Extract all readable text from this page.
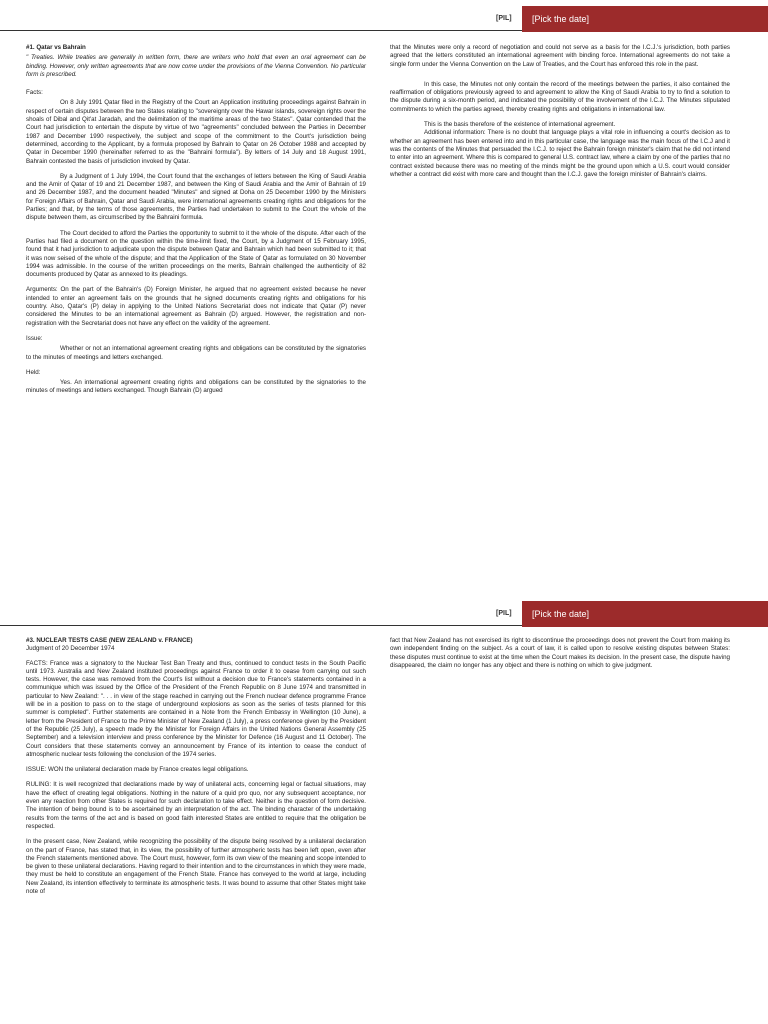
[PIL]	[Pick the date]

#1. Qatar vs Bahrain

" Treaties. While treaties are generally in written form, there are writers who hold that even an oral agreement can be binding. However, only written agreements that are now come under the provisions of the Vienna Convention. No particular form is prescribed.

Facts:

On 8 July 1991 Qatar filed in the Registry of the Court an Application instituting proceedings against Bahrain in respect of certain disputes between the two States relating to "sovereignty over the Hawar islands, sovereign rights over the shoals of Dibal and Qit'at Jaradah, and the delimitation of the maritime areas of the two States". Qatar contended that the Court had jurisdiction to entertain the dispute by virtue of two "agreements" concluded between the Parties in December 1987 and December 1990 respectively, the subject and scope of the commitment to the Court's jurisdiction being determined, according to the Applicant, by a formula proposed by Bahrain to Qatar on 26 October 1988 and accepted by Qatar in December 1990 (hereinafter referred to as the "Bahraini formula"). By letters of 14 July and 18 August 1991, Bahrain contested the basis of jurisdiction invoked by Qatar.

By a Judgment of 1 July 1994, the Court found that the exchanges of letters between the King of Saudi Arabia and the Amir of Qatar of 19 and 21 December 1987, and between the King of Saudi Arabia and the Amir of Bahrain of 19 and 26 December 1987, and the document headed "Minutes" and signed at Doha on 25 December 1990 by the Ministers for Foreign Affairs of Bahrain, Qatar and Saudi Arabia, were international agreements creating rights and obligations for the Parties; and that, by the terms of those agreements, the Parties had undertaken to submit to the Court the whole of the dispute between them, as circumscribed by the Bahraini formula.

The Court decided to afford the Parties the opportunity to submit to it the whole of the dispute. After each of the Parties had filed a document on the question within the time-limit fixed, the Court, by a Judgment of 15 February 1995, found that it had jurisdiction to adjudicate upon the dispute between Qatar and Bahrain which had been submitted to it; that it was now seised of the whole of the dispute; and that the Application of the State of Qatar as formulated on 30 November 1994 was admissible. In the course of the written proceedings on the merits, Bahrain challenged the authenticity of 82 documents produced by Qatar as annexed to its pleadings.

Arguments: On the part of the Bahrain's (D) Foreign Minister, he argued that no agreement existed because he never intended to enter an agreement fails on the grounds that he signed documents creating rights and obligations for his country. Also, Qatar's (P) delay in applying to the United Nations Secretariat does not indicate that Qatar (P) never considered the Minutes to be an international agreement as Bahrain (D) argued. However, the registration and non-registration with the Secretariat does not have any effect on the validity of the agreement.

Issue:

Whether or not an international agreement creating rights and obligations can be constituted by the signatories to the minutes of meetings and letters exchanged.

Held:

Yes. An international agreement creating rights and obligations can be constituted by the signatories to the minutes of meetings and letters exchanged. Though Bahrain (D) argued

that the Minutes were only a record of negotiation and could not serve as a basis for the I.C.J.'s jurisdiction, both parties agreed that the letters constituted an international agreement with binding force. International agreements do not take a single form under the Vienna Convention on the Law of Treaties, and the Court has enforced this role in the past.

In this case, the Minutes not only contain the record of the meetings between the parties, it also contained the reaffirmation of obligations previously agreed to and agreement to allow the King of Saudi Arabia to try to find a solution to the dispute during a six-month period, and indicated the possibility of the involvement of the I.C.J. The Minutes stipulated commitments to which the parties agreed, thereby creating rights and obligations in international law.

This is the basis therefore of the existence of international agreement.

Additional information: There is no doubt that language plays a vital role in influencing a court's decision as to whether an agreement has been entered into and in this particular case, the language was the main focus of the I.C.J and it was the contents of the Minutes that persuaded the I.C.J. to reject the Bahrain foreign minister's claim that he did not intend to enter into an agreement. Where this is compared to general U.S. contract law, where a claim by one of the parties that no contract existed because there was no meeting of the minds might be the ground upon which a U.S. court would consider whether a contract did exist with more care and thought than the I.C.J. gave the foreign minister of Bahrain's claims.

[PIL]	[Pick the date]

#3. NUCLEAR TESTS CASE (NEW ZEALAND v. FRANCE)

Judgment of 20 December 1974

FACTS: France was a signatory to the Nuclear Test Ban Treaty and thus, continued to conduct tests in the South Pacific until 1973. Australia and New Zealand instituted proceedings against France to order it to cease from carrying out such tests. However, the case was removed from the Court's list without a decision due to France's statements contained in a communique which was issued by the Office of the President of the French Republic on 8 June 1974 and transmitted in particular to New Zealand: ". . . in view of the stage reached in carrying out the French nuclear defence programme France will be in a position to pass on to the stage of underground explosions as soon as the series of tests planned for this summer is completed". Further statements are contained in a Note from the French Embassy in Wellington (10 June), a letter from the President of France to the Prime Minister of New Zealand (1 July), a press conference given by the President of the Republic (25 July), a speech made by the Minister for Foreign Affairs in the United Nations General Assembly (25 September) and a television interview and press conference by the Minister for Defence (16 August and 11 October). The Court considers that these statements convey an announcement by France of its intention to cease the conduct of atmospheric nuclear tests following the conclusion of the 1974 series.

ISSUE: WON the unilateral declaration made by France creates legal obligations.

RULING: It is well recognized that declarations made by way of unilateral acts, concerning legal or factual situations, may have the effect of creating legal obligations. Nothing in the nature of a quid pro quo, nor any subsequent acceptance, nor even any reaction from other States is required for such declaration to take effect. Neither is the question of form decisive. The intention of being bound is to be ascertained by an interpretation of the act. The binding character of the undertaking results from the terms of the act and is based on good faith interested States are entitled to require that the obligation be respected.

In the present case, New Zealand, while recognizing the possibility of the dispute being resolved by a unilateral declaration on the part of France, has stated that, in its view, the possibility of further atmospheric tests has been left open, even after the French statements mentioned above. The Court must, however, form its own view of the meaning and scope intended to be given to these unilateral declarations. Having regard to their intention and to the circumstances in which they were made, they must be held to constitute an engagement of the French State. France has conveyed to the world at large, including New Zealand, its intention effectively to terminate its atmospheric tests. It was bound to assume that other States might take note of

fact that New Zealand has not exercised its right to discontinue the proceedings does not prevent the Court from making its own independent finding on the subject. As a court of law, it is called upon to resolve existing disputes between States: these disputes must continue to exist at the time when the Court makes its decision. In the present case, the dispute having disappeared, the claim no longer has any object and there is nothing on which to give judgment.
